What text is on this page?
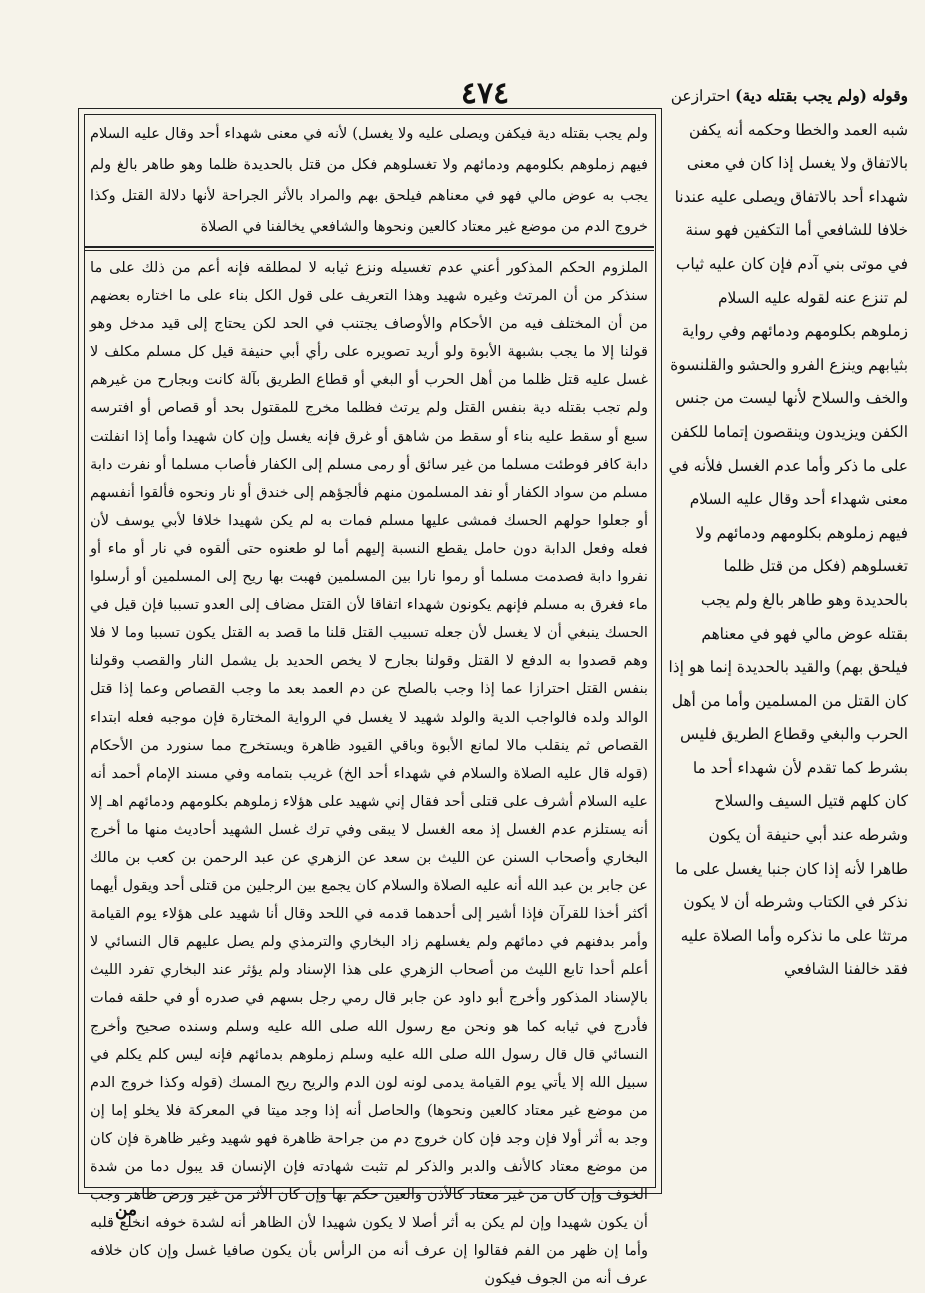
٤٧٤
ولم يجب بقتله دية فيكفن ويصلى عليه ولا يغسل) لأنه في معنى شهداء أحد وقال عليه السلام فيهم زملوهم بكلومهم ودمائهم ولا تغسلوهم فكل من قتل بالحديدة ظلما وهو طاهر بالغ ولم يجب به عوض مالي فهو في معناهم فيلحق بهم والمراد بالأثر الجراحة لأنها دلالة القتل وكذا خروج الدم من موضع غير معتاد كالعين ونحوها والشافعي يخالفنا في الصلاة
الملزوم الحكم المذكور أعني عدم تغسيله ونزع ثيابه لا لمطلقه فإنه أعم من ذلك على ما سنذكر من أن المرتث وغيره شهيد وهذا التعريف على قول الكل بناء على ما اختاره بعضهم من أن المختلف فيه من الأحكام والأوصاف يجتنب في الحد لكن يحتاج إلى قيد مدخل وهو قولنا إلا ما يجب بشبهة الأبوة ولو أريد تصويره على رأي أبي حنيفة قيل كل مسلم مكلف لا غسل عليه قتل ظلما من أهل الحرب أو البغي أو قطاع الطريق بآلة كانت وبجارح من غيرهم ولم تجب بقتله دية بنفس القتل ولم يرتث فظلما مخرج للمقتول بحد أو قصاص أو افترسه سبع أو سقط عليه بناء أو سقط من شاهق أو غرق فإنه يغسل وإن كان شهيدا وأما إذا انفلتت دابة كافر فوطئت مسلما من غير سائق أو رمى مسلم إلى الكفار فأصاب مسلما أو نفرت دابة مسلم من سواد الكفار أو نفد المسلمون منهم فألجؤهم إلى خندق أو نار ونحوه فألقوا أنفسهم أو جعلوا حولهم الحسك فمشى عليها مسلم فمات به لم يكن شهيدا خلافا لأبي يوسف لأن فعله وفعل الدابة دون حامل يقطع النسبة إليهم أما لو طعنوه حتى ألقوه في نار أو ماء أو نفروا دابة فصدمت مسلما أو رموا نارا بين المسلمين فهبت بها ريح إلى المسلمين أو أرسلوا ماء فغرق به مسلم فإنهم يكونون شهداء اتفاقا لأن القتل مضاف إلى العدو تسببا فإن قيل في الحسك ينبغي أن لا يغسل لأن جعله تسبيب القتل قلنا ما قصد به القتل يكون تسببا وما لا فلا وهم قصدوا به الدفع لا القتل وقولنا بجارح لا يخص الحديد بل يشمل النار والقصب وقولنا بنفس القتل احترازا عما إذا وجب بالصلح عن دم العمد بعد ما وجب القصاص وعما إذا قتل الوالد ولده فالواجب الدية والولد شهيد لا يغسل في الرواية المختارة فإن موجبه فعله ابتداء القصاص ثم ينقلب مالا لمانع الأبوة وباقي القيود ظاهرة ويستخرج مما سنورد من الأحكام (قوله قال عليه الصلاة والسلام في شهداء أحد الخ) غريب بتمامه وفي مسند الإمام أحمد أنه عليه السلام أشرف على قتلى أحد فقال إني شهيد على هؤلاء زملوهم بكلومهم ودمائهم اهـ إلا أنه يستلزم عدم الغسل إذ معه الغسل لا يبقى وفي ترك غسل الشهيد أحاديث منها ما أخرج البخاري وأصحاب السنن عن الليث بن سعد عن الزهري عن عبد الرحمن بن كعب بن مالك عن جابر بن عبد الله أنه عليه الصلاة والسلام كان يجمع بين الرجلين من قتلى أحد ويقول أيهما أكثر أخذا للقرآن فإذا أشير إلى أحدهما قدمه في اللحد وقال أنا شهيد على هؤلاء يوم القيامة وأمر بدفنهم في دمائهم ولم يغسلهم زاد البخاري والترمذي ولم يصل عليهم قال النسائي لا أعلم أحدا تابع الليث من أصحاب الزهري على هذا الإسناد ولم يؤثر عند البخاري تفرد الليث بالإسناد المذكور وأخرج أبو داود عن جابر قال رمي رجل بسهم في صدره أو في حلقه فمات فأدرج في ثيابه كما هو ونحن مع رسول الله صلى الله عليه وسلم وسنده صحيح وأخرج النسائي قال قال رسول الله صلى الله عليه وسلم زملوهم بدمائهم فإنه ليس كلم يكلم في سبيل الله إلا يأتي يوم القيامة يدمى لونه لون الدم والريح ريح المسك (قوله وكذا خروج الدم من موضع غير معتاد كالعين ونحوها) والحاصل أنه إذا وجد ميتا في المعركة فلا يخلو إما إن وجد به أثر أولا فإن وجد فإن كان خروج دم من جراحة ظاهرة فهو شهيد وغير ظاهرة فإن كان من موضع معتاد كالأنف والدبر والذكر لم تثبت شهادته فإن الإنسان قد يبول دما من شدة الخوف وإن كان من غير معتاد كالأذن والعين حكم بها وإن كان الأثر من غير ورض ظاهر وجب أن يكون شهيدا وإن لم يكن به أثر أصلا لا يكون شهيدا لأن الظاهر أنه لشدة خوفه انخلع قلبه وأما إن ظهر من الفم فقالوا إن عرف أنه من الرأس بأن يكون صافيا غسل وإن كان خلافه عرف أنه من الجوف فيكون
وقوله (ولم يجب بقتله دية) احترازعن شبه العمد والخطا وحكمه أنه يكفن بالاتفاق ولا يغسل إذا كان في معنى شهداء أحد بالاتفاق ويصلى عليه عندنا خلافا للشافعي أما التكفين فهو سنة في موتى بني آدم فإن كان عليه ثياب لم تنزع عنه لقوله عليه السلام زملوهم بكلومهم ودمائهم وفي رواية بثيابهم وينزع الفرو والحشو والقلنسوة والخف والسلاح لأنها ليست من جنس الكفن ويزيدون وينقصون إتماما للكفن على ما ذكر وأما عدم الغسل فلأنه في معنى شهداء أحد وقال عليه السلام فيهم زملوهم بكلومهم ودمائهم ولا تغسلوهم (فكل من قتل ظلما بالحديدة وهو طاهر بالغ ولم يجب بقتله عوض مالي فهو في معناهم فيلحق بهم) والقيد بالحديدة إنما هو إذا كان القتل من المسلمين وأما من أهل الحرب والبغي وقطاع الطريق فليس بشرط كما تقدم لأن شهداء أحد ما كان كلهم قتيل السيف والسلاح وشرطه عند أبي حنيفة أن يكون طاهرا لأنه إذا كان جنبا يغسل على ما نذكر في الكتاب وشرطه أن لا يكون مرتثا على ما نذكره وأما الصلاة عليه فقد خالفنا الشافعي
من
